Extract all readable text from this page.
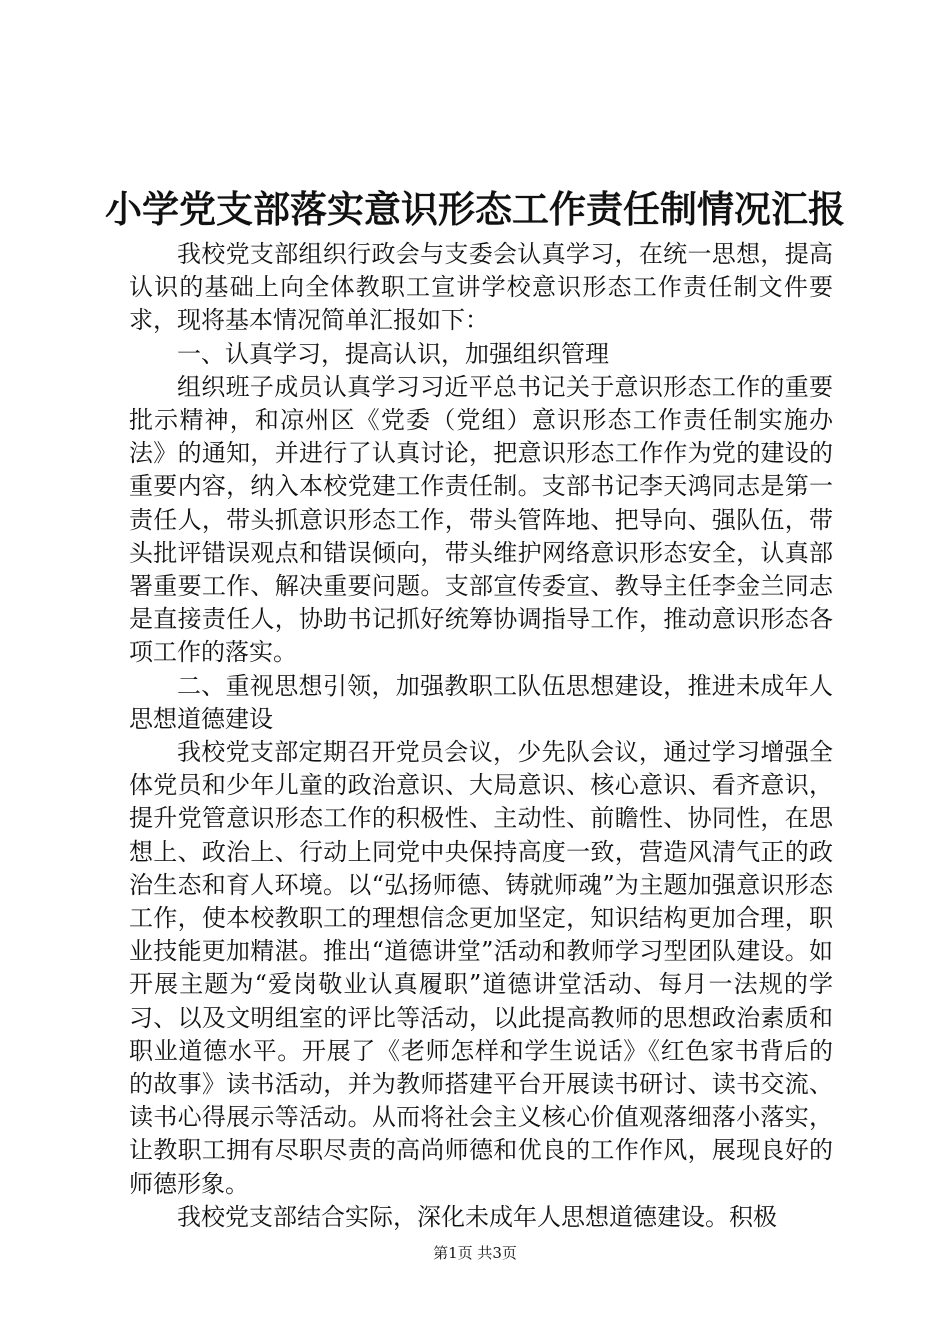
小学党支部落实意识形态工作责任制情况汇报

我校党支部组织行政会与支委会认真学习，在统一思想，提高认识的基础上向全体教职工宣讲学校意识形态工作责任制文件要求，现将基本情况简单汇报如下：

一、认真学习，提高认识，加强组织管理

组织班子成员认真学习习近平总书记关于意识形态工作的重要批示精神，和凉州区《党委（党组）意识形态工作责任制实施办法》的通知，并进行了认真讨论，把意识形态工作作为党的建设的重要内容，纳入本校党建工作责任制。支部书记李天鸿同志是第一责任人，带头抓意识形态工作，带头管阵地、把导向、强队伍，带头批评错误观点和错误倾向，带头维护网络意识形态安全，认真部署重要工作、解决重要问题。支部宣传委宣、教导主任李金兰同志是直接责任人，协助书记抓好统筹协调指导工作，推动意识形态各项工作的落实。

二、重视思想引领，加强教职工队伍思想建设，推进未成年人思想道德建设

我校党支部定期召开党员会议，少先队会议，通过学习增强全体党员和少年儿童的政治意识、大局意识、核心意识、看齐意识，提升党管意识形态工作的积极性、主动性、前瞻性、协同性，在思想上、政治上、行动上同党中央保持高度一致，营造风清气正的政治生态和育人环境。以“弘扬师德、铸就师魂”为主题加强意识形态工作，使本校教职工的理想信念更加坚定，知识结构更加合理，职业技能更加精湛。推出“道德讲堂”活动和教师学习型团队建设。如开展主题为“爱岗敬业认真履职”道德讲堂活动、每月一法规的学习、以及文明组室的评比等活动，以此提高教师的思想政治素质和职业道德水平。开展了《老师怎样和学生说话》《红色家书背后的的故事》读书活动，并为教师搭建平台开展读书研讨、读书交流、读书心得展示等活动。从而将社会主义核心价值观落细落小落实，让教职工拥有尽职尽责的高尚师德和优良的工作作风，展现良好的师德形象。

我校党支部结合实际，深化未成年人思想道德建设。积极

第1页 共3页
